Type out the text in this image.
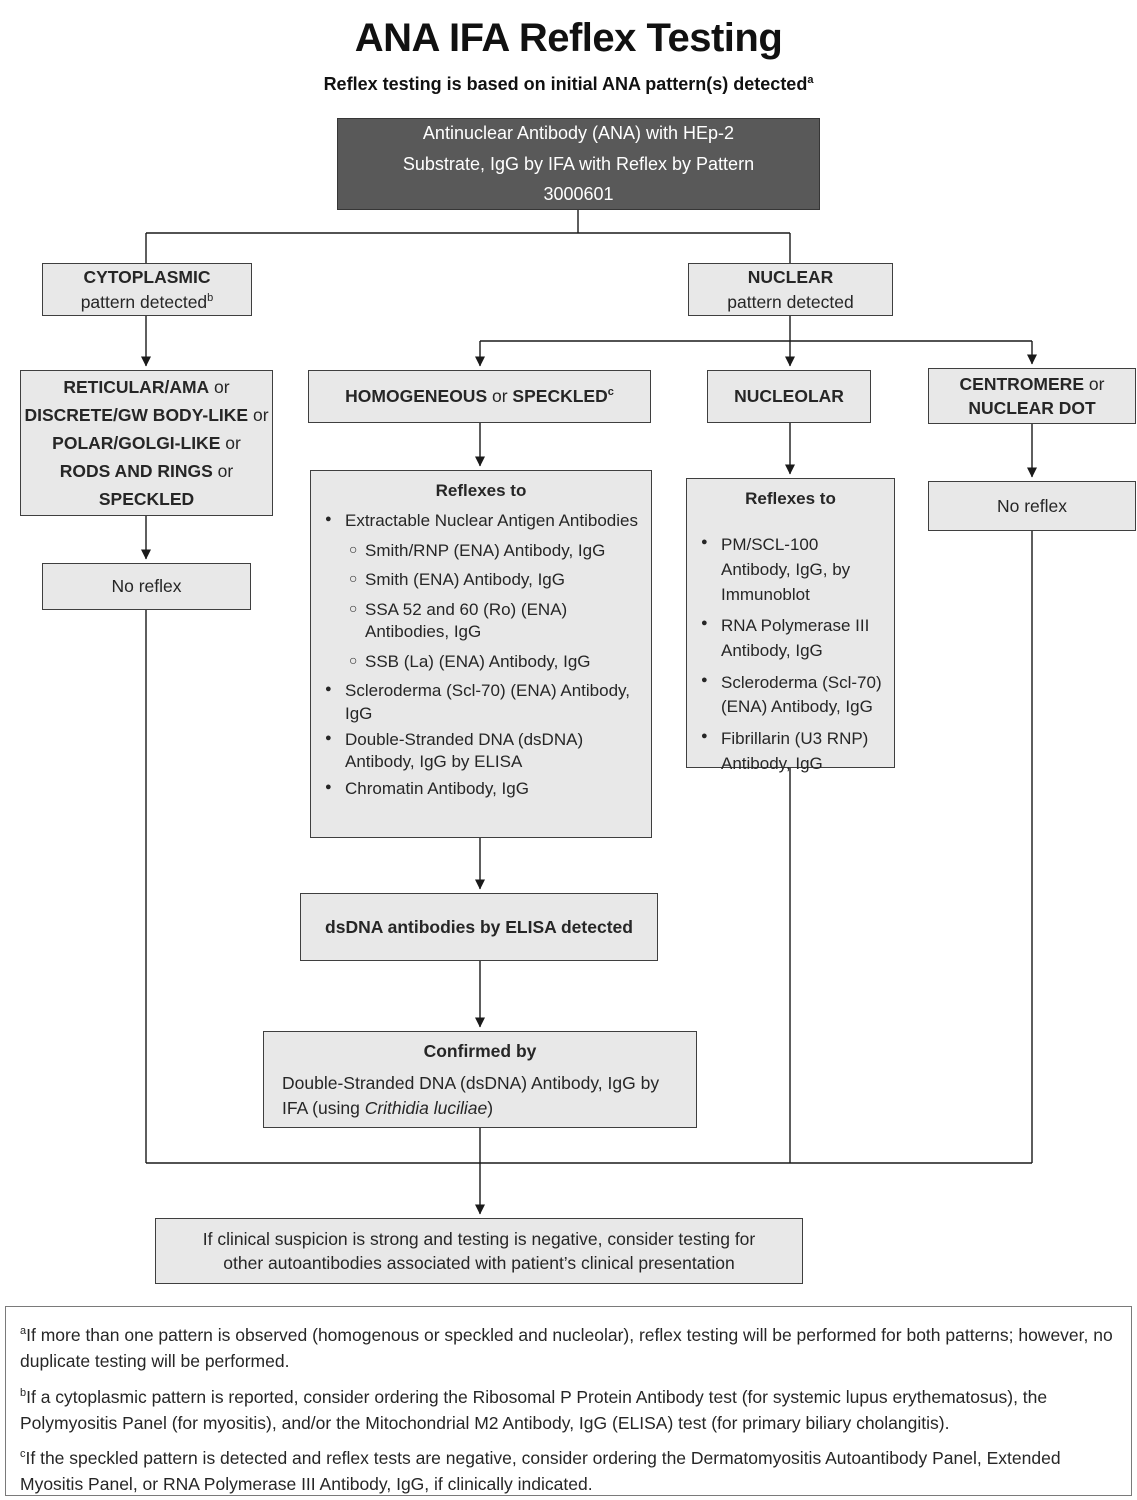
ANA IFA Reflex Testing
Reflex testing is based on initial ANA pattern(s) detected$^a$
Antinuclear Antibody (ANA) with HEp-2
Substrate, IgG by IFA with Reflex by Pattern
3000601
CYTOPLASMIC
pattern detected$^b$
NUCLEAR
pattern detected
RETICULAR/AMA or
DISCRETE/GW BODY-LIKE or
POLAR/GOLGI-LIKE or
RODS AND RINGS or
SPECKLED
HOMOGENEOUS or SPECKLED$^c$	NUCLEOLAR
CENTROMERE or
NUCLEAR DOT
No reflex
No reflex
Reflexes to
● Extractable Nuclear Antigen Antibodies
○ Smith/RNP (ENA) Antibody, IgG
○ Smith (ENA) Antibody, IgG
○ SSA 52 and 60 (Ro) (ENA) Antibodies, IgG
○ SSB (La) (ENA) Antibody, IgG
● Scleroderma (Scl-70) (ENA) Antibody, IgG
● Double-Stranded DNA (dsDNA) Antibody, IgG by ELISA
● Chromatin Antibody, IgG
Reflexes to
● PM/SCL-100 Antibody, IgG, by Immunoblot
● RNA Polymerase III Antibody, IgG
● Scleroderma (Scl-70) (ENA) Antibody, IgG
● Fibrillarin (U3 RNP) Antibody, IgG
dsDNA antibodies by ELISA detected
Confirmed by
Double-Stranded DNA (dsDNA) Antibody, IgG by IFA (using Crithidia luciliae)
If clinical suspicion is strong and testing is negative, consider testing for other autoantibodies associated with patient’s clinical presentation

$^a$If more than one pattern is observed (homogenous or speckled and nucleolar), reflex testing will be performed for both patterns; however, no duplicate testing will be performed.

$^b$If a cytoplasmic pattern is reported, consider ordering the Ribosomal P Protein Antibody test (for systemic lupus erythematosus), the Polymyositis Panel (for myositis), and/or the Mitochondrial M2 Antibody, IgG (ELISA) test (for primary biliary cholangitis).

$^c$If the speckled pattern is detected and reflex tests are negative, consider ordering the Dermatomyositis Autoantibody Panel, Extended Myositis Panel, or RNA Polymerase III Antibody, IgG, if clinically indicated.
